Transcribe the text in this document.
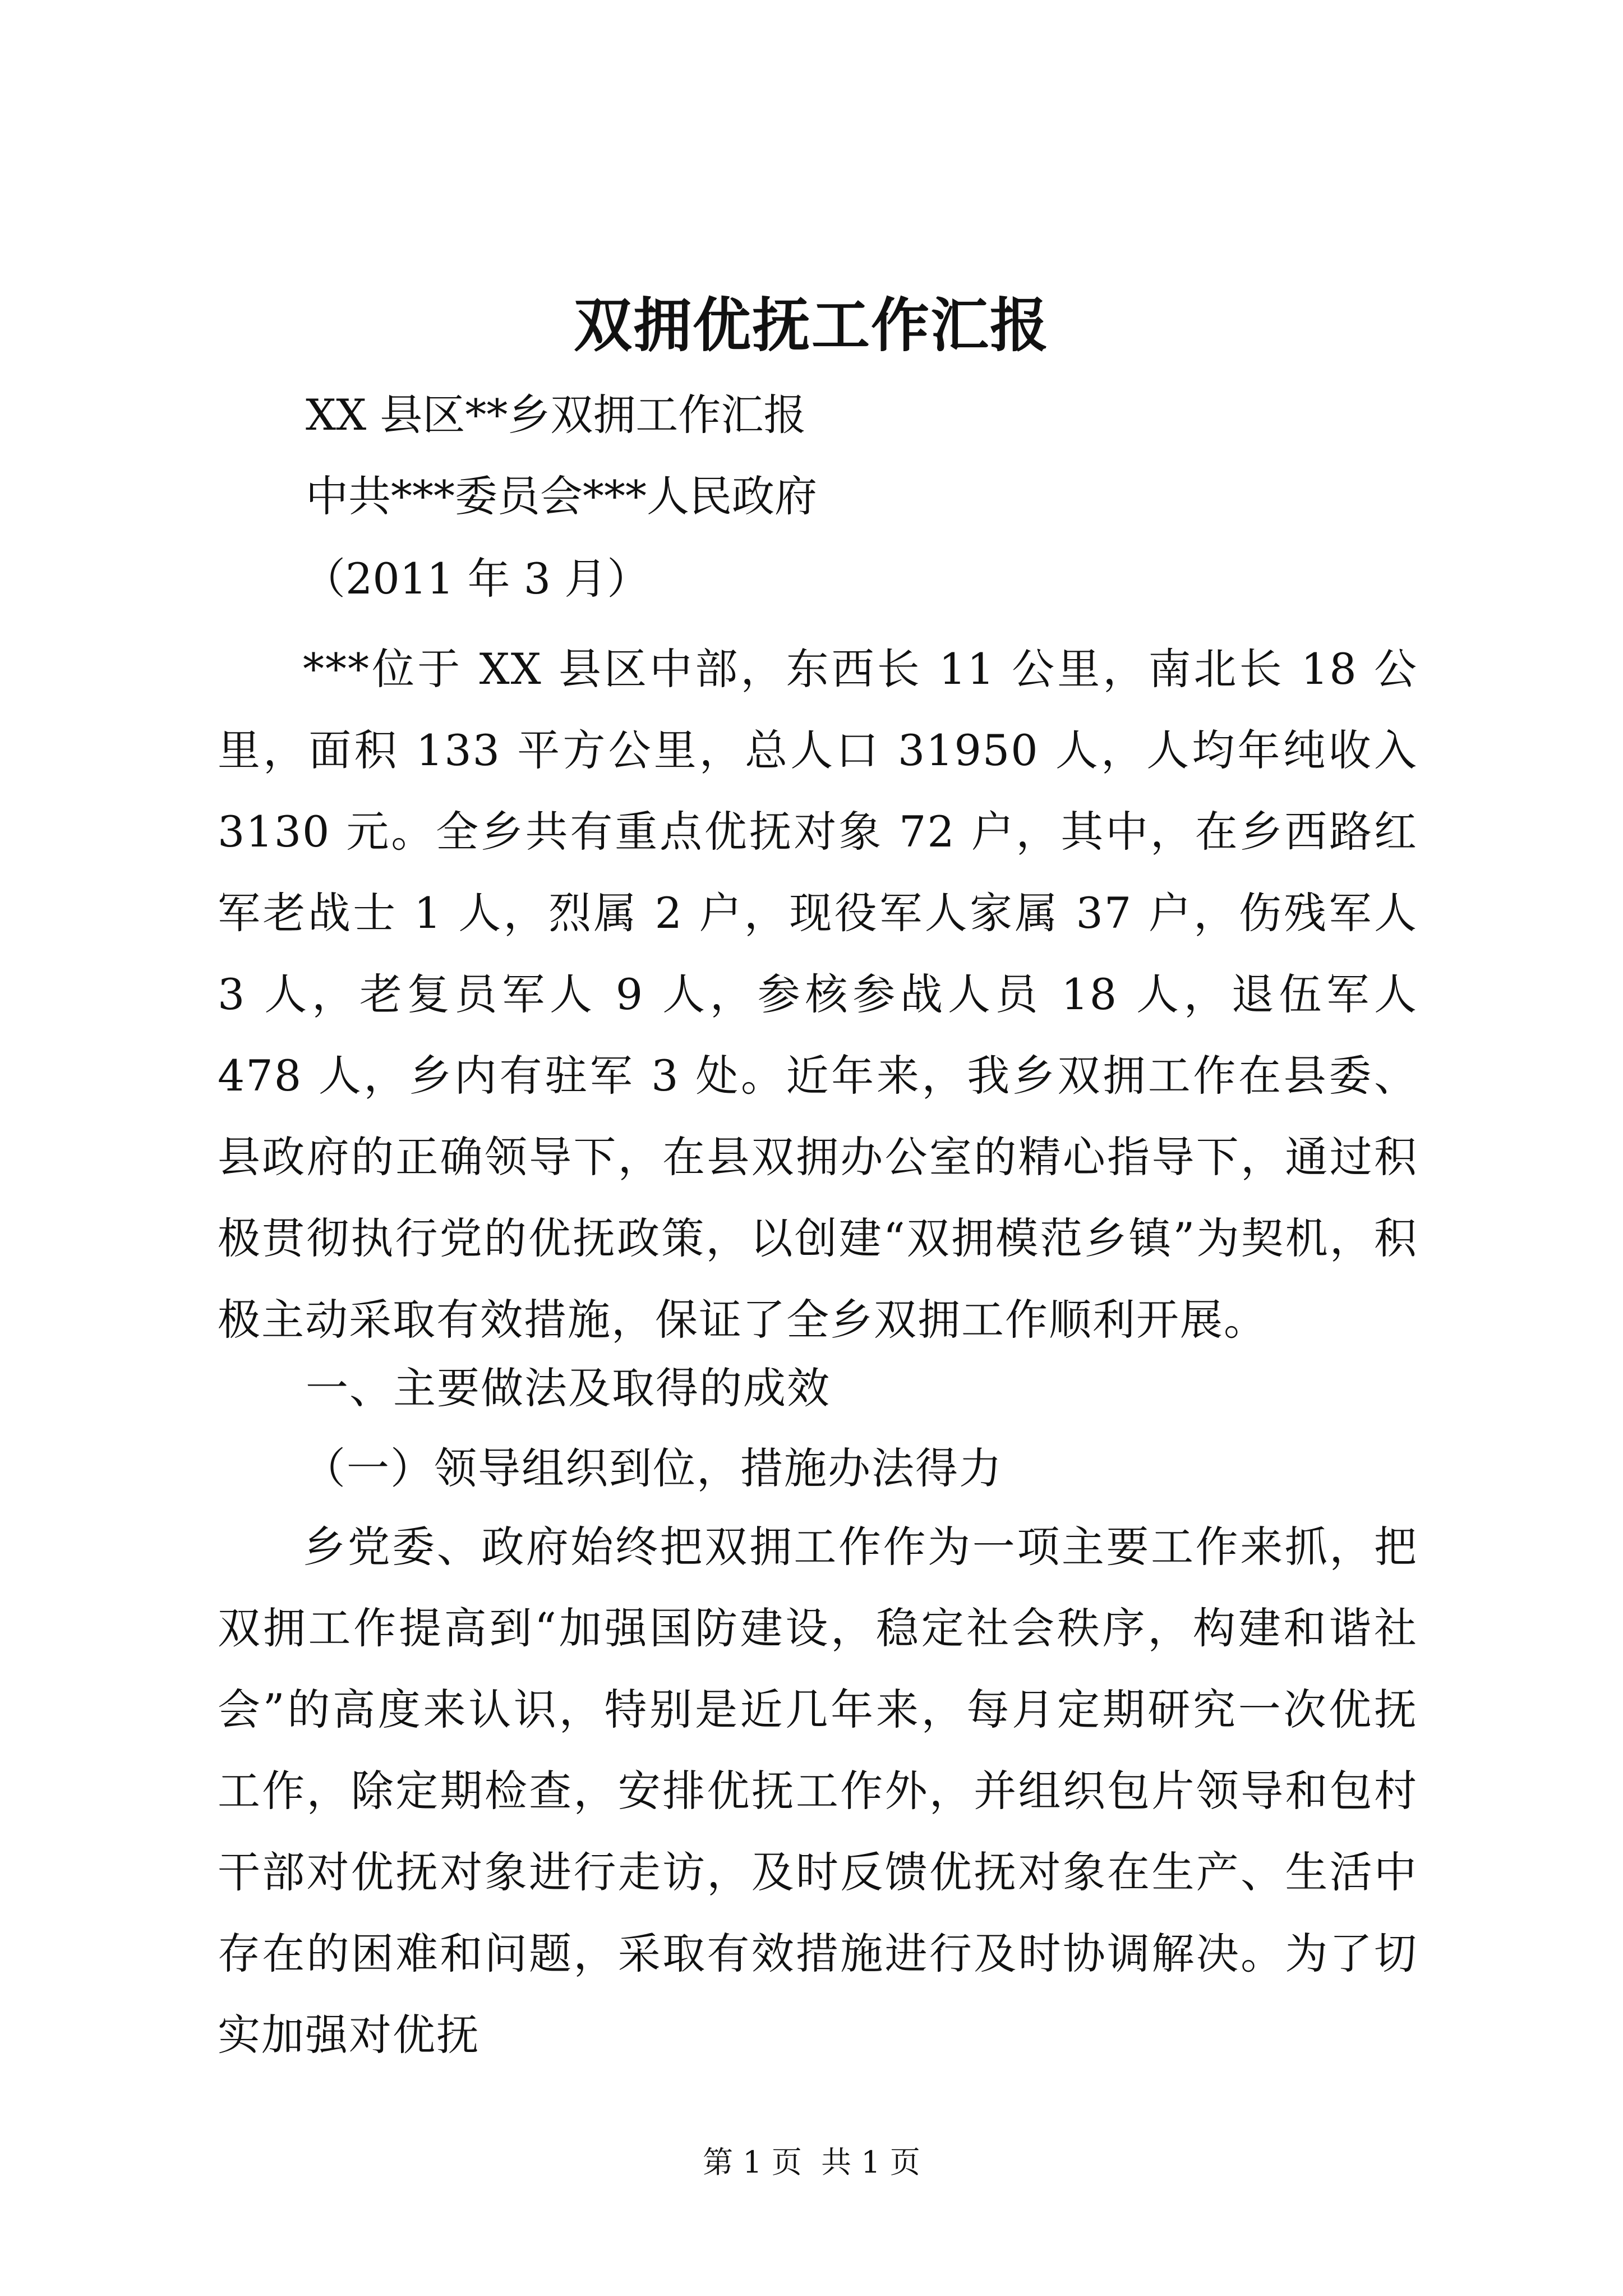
双拥优抚工作汇报
XX 县区**乡双拥工作汇报
中共***委员会***人民政府
（2011 年 3 月）
***位于 XX 县区中部，东西长 11 公里，南北长 18 公里，面积 133 平方公里，总人口 31950 人，人均年纯收入 3130 元。全乡共有重点优抚对象 72 户，其中，在乡西路红军老战士 1 人，烈属 2 户，现役军人家属 37 户，伤残军人 3 人，老复员军人 9 人，参核参战人员 18 人，退伍军人 478 人，乡内有驻军 3 处。近年来，我乡双拥工作在县委、县政府的正确领导下，在县双拥办公室的精心指导下，通过积极贯彻执行党的优抚政策，以创建“双拥模范乡镇”为契机，积极主动采取有效措施，保证了全乡双拥工作顺利开展。
一、主要做法及取得的成效
（一）领导组织到位，措施办法得力
乡党委、政府始终把双拥工作作为一项主要工作来抓，把双拥工作提高到“加强国防建设，稳定社会秩序，构建和谐社会”的高度来认识，特别是近几年来，每月定期研究一次优抚工作，除定期检查，安排优抚工作外，并组织包片领导和包村干部对优抚对象进行走访，及时反馈优抚对象在生产、生活中存在的困难和问题，采取有效措施进行及时协调解决。为了切实加强对优抚
第 1 页  共 1 页
